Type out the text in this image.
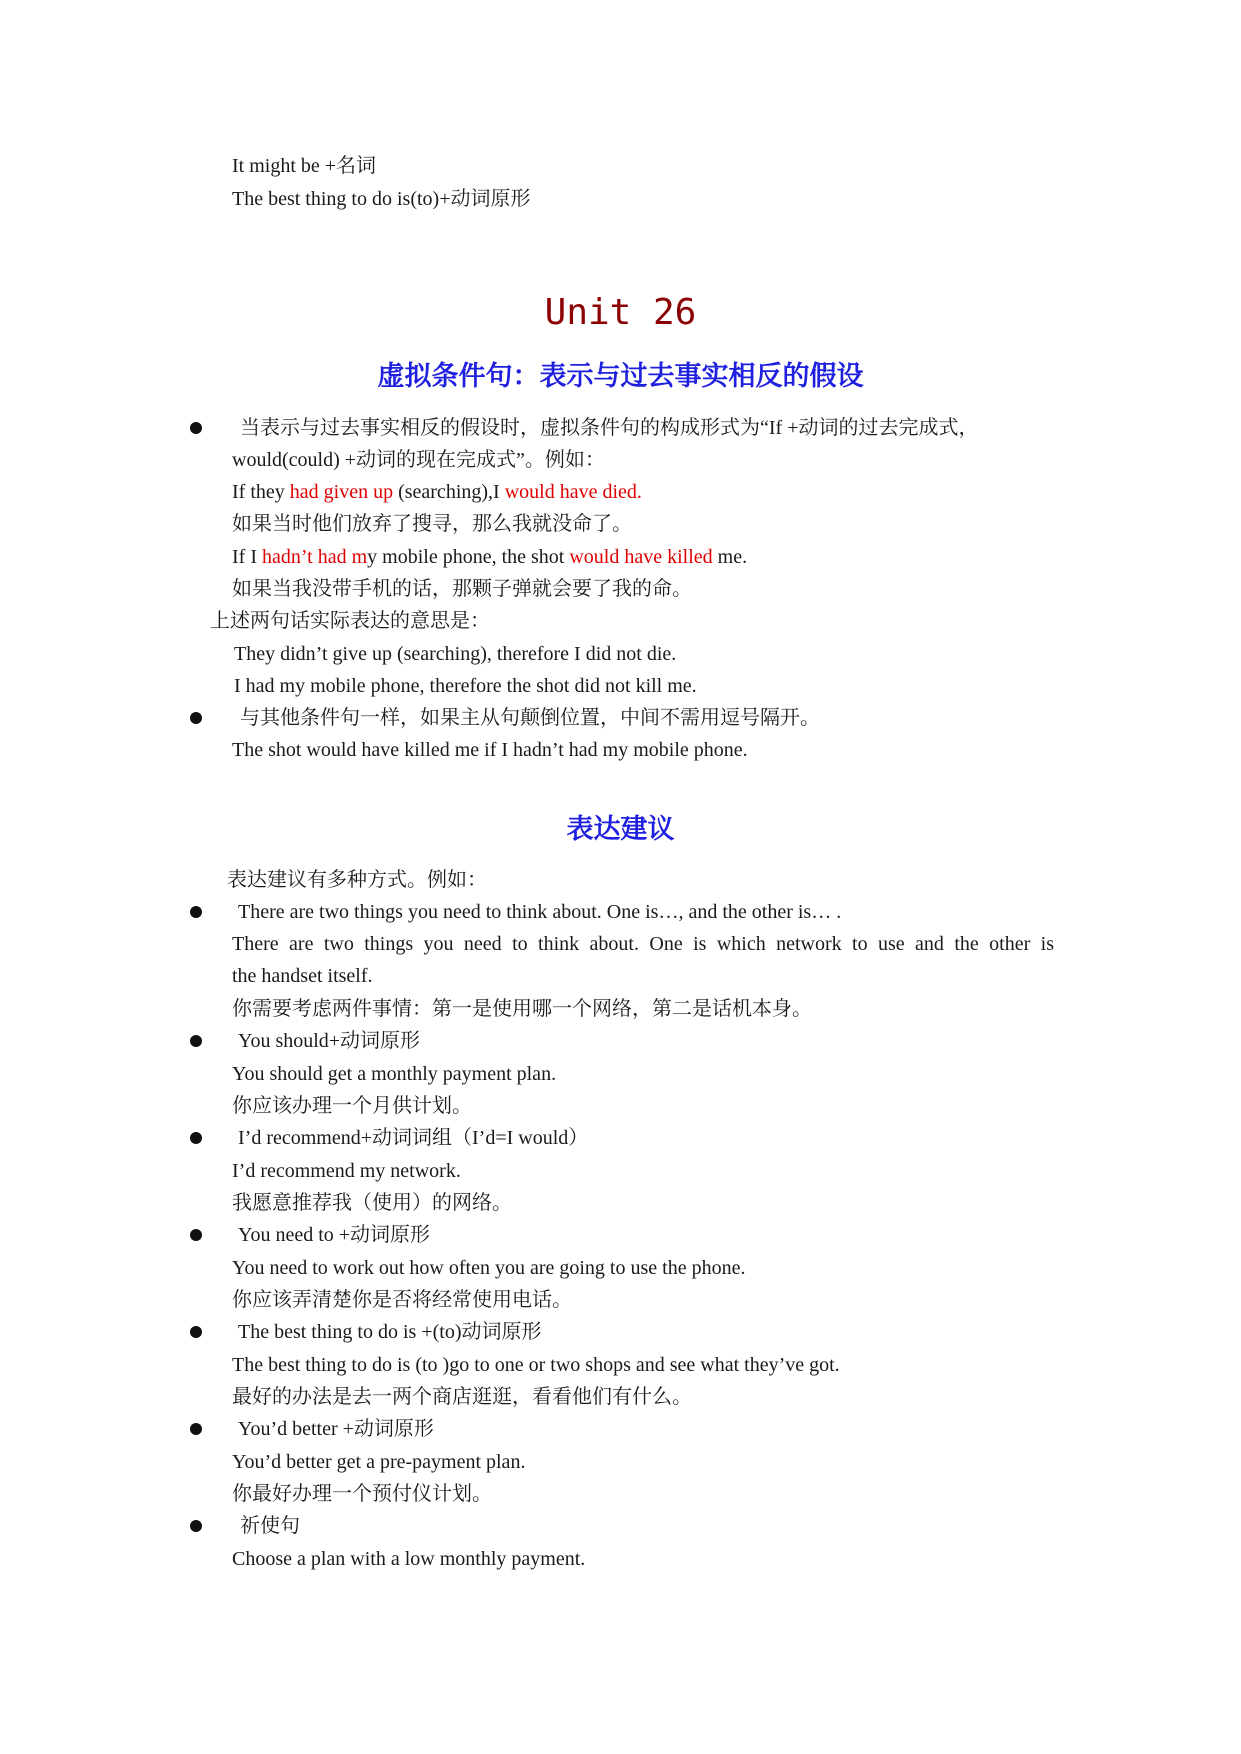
It might be +名词
The best thing to do is(to)+动词原形
Unit 26
虚拟条件句：表示与过去事实相反的假设
当表示与过去事实相反的假设时，虚拟条件句的构成形式为“If +动词的过去完成式，
would(could) +动词的现在完成式”。例如：
If they had given up (searching),I would have died.
如果当时他们放弃了搜寻，那么我就没命了。
If I hadn’t had my mobile phone, the shot would have killed me.
如果当我没带手机的话，那颗子弹就会要了我的命。
上述两句话实际表达的意思是：
They didn’t give up (searching), therefore I did not die.
I had my mobile phone, therefore the shot did not kill me.
与其他条件句一样，如果主从句颠倒位置，中间不需用逗号隔开。
The shot would have killed me if I hadn’t had my mobile phone.
表达建议
表达建议有多种方式。例如：
There are two things you need to think about. One is…, and the other is… .
There are two things you need to think about. One is which network to use and the other is
the handset itself.
你需要考虑两件事情：第一是使用哪一个网络，第二是话机本身。
You should+动词原形
You should get a monthly payment plan.
你应该办理一个月供计划。
I’d recommend+动词词组（I’d=I would）
I’d recommend my network.
我愿意推荐我（使用）的网络。
You need to +动词原形
You need to work out how often you are going to use the phone.
你应该弄清楚你是否将经常使用电话。
The best thing to do is +(to)动词原形
The best thing to do is (to )go to one or two shops and see what they’ve got.
最好的办法是去一两个商店逛逛，看看他们有什么。
You’d better +动词原形
You’d better get a pre-payment plan.
你最好办理一个预付仪计划。
祈使句
Choose a plan with a low monthly payment.
